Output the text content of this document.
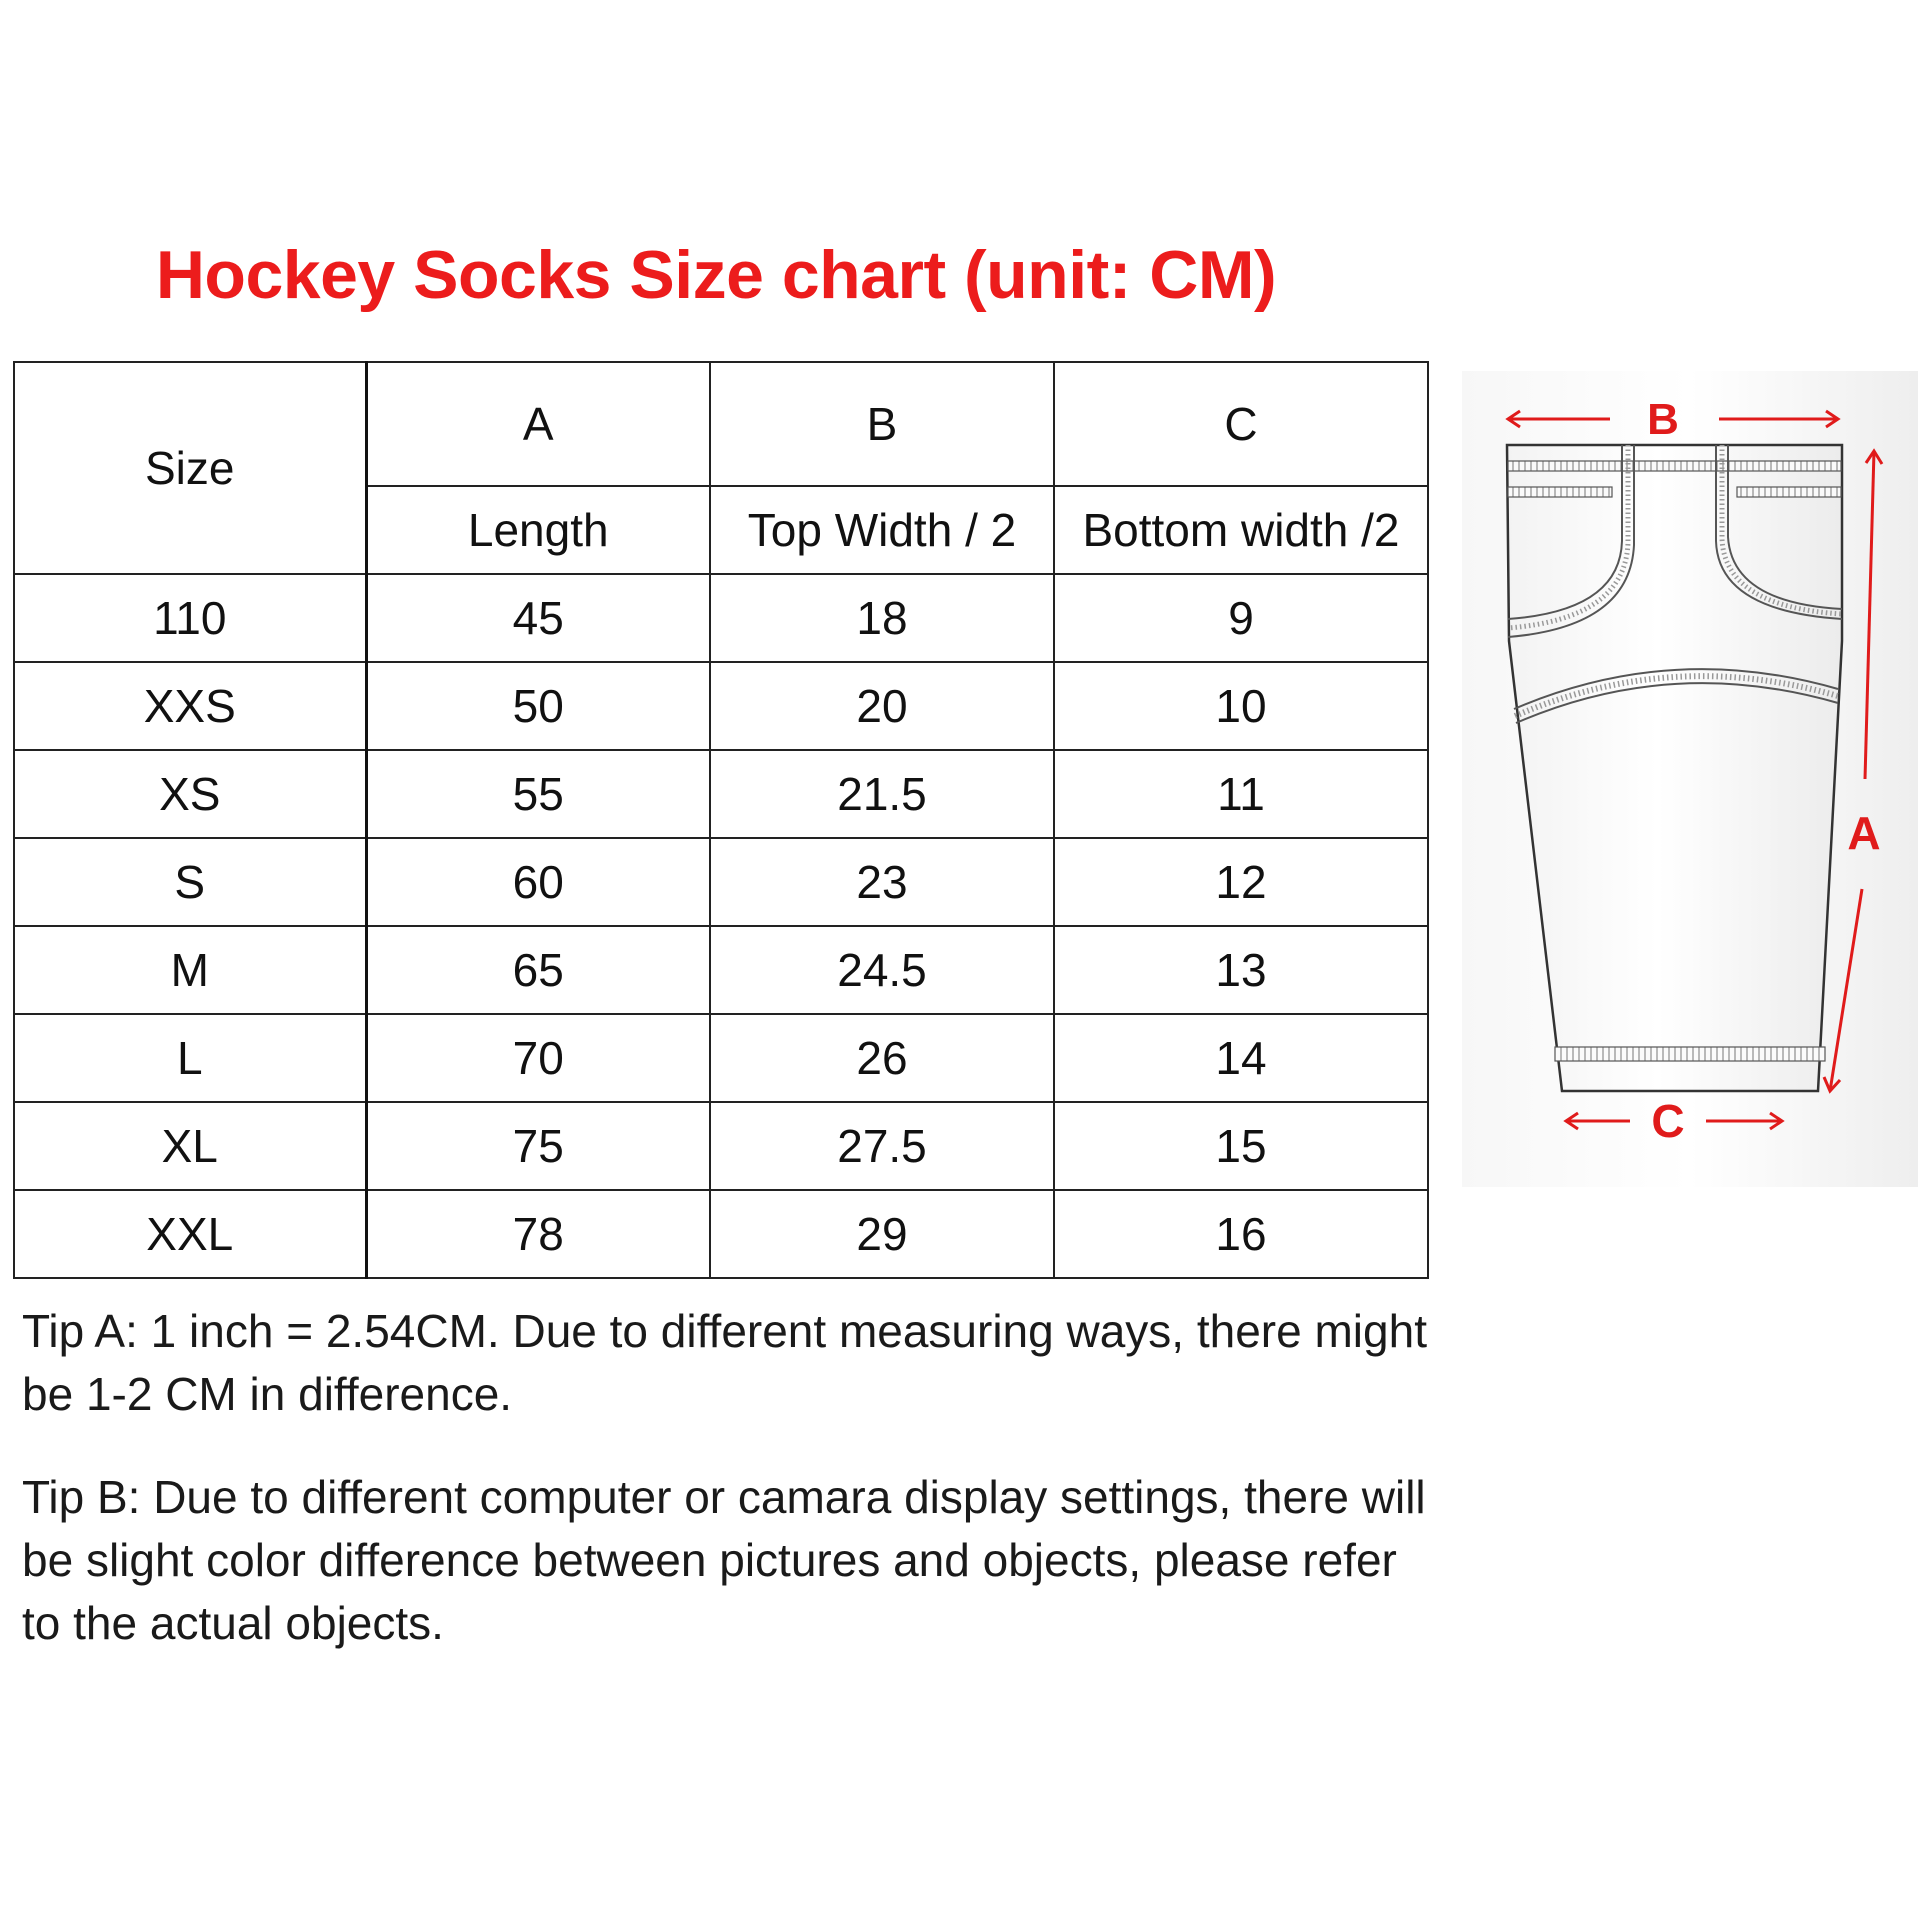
Hockey Socks Size chart (unit: CM)
Size	A	B	C
	Length	Top Width / 2	Bottom width /2
110	45	18	9
XXS	50	20	10
XS	55	21.5	11
S	60	23	12
M	65	24.5	13
L	70	26	14
XL	75	27.5	15
XXL	78	29	16

Tip A: 1 inch = 2.54CM. Due to different measuring ways, there might be 1-2 CM in difference.

Tip B: Due to different computer or camara display settings, there will be slight color difference between pictures and objects, please refer to the actual objects.

B
A
C
